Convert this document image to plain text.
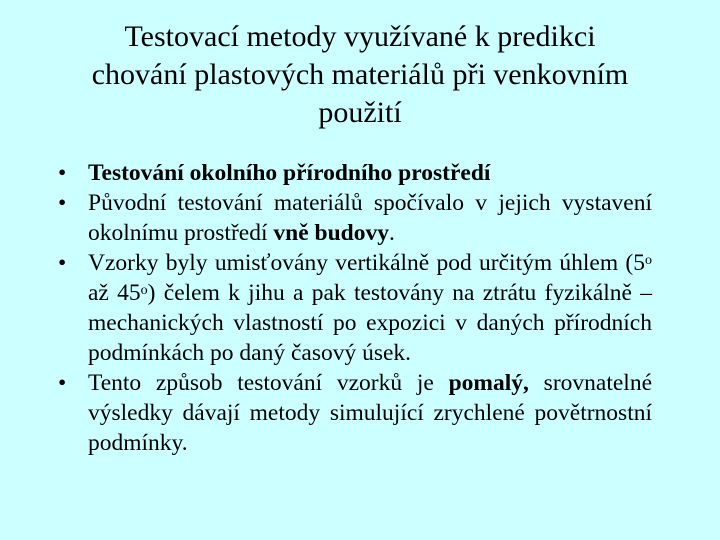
Testovací metody využívané k predikci
chování plastových materiálů při venkovním
použití
•
Testování okolního přírodního prostředí
•
Původní testování materiálů spočívalo v jejich vystavení okolnímu prostředí vně budovy.
•
Vzorky byly umisťovány vertikálně pod určitým úhlem (5$^o$ až 45$^o$) čelem k jihu a pak testovány na ztrátu fyzikálně – mechanických vlastností po expozici v daných přírodních podmínkách po daný časový úsek.
•
Tento způsob testování vzorků je pomalý, srovnatelné výsledky dávají metody simulující zrychlené povětrnostní podmínky.
